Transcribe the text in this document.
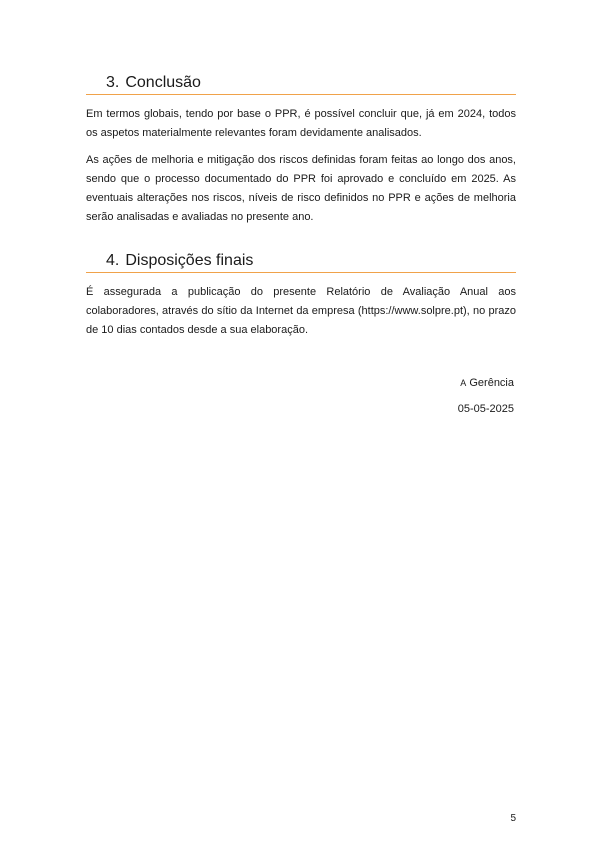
3. Conclusão

Em termos globais, tendo por base o PPR, é possível concluir que, já em 2024, todos os aspetos materialmente relevantes foram devidamente analisados.

As ações de melhoria e mitigação dos riscos definidas foram feitas ao longo dos anos, sendo que o processo documentado do PPR foi aprovado e concluído em 2025. As eventuais alterações nos riscos, níveis de risco definidos no PPR e ações de melhoria serão analisadas e avaliadas no presente ano.

4. Disposições finais

É assegurada a publicação do presente Relatório de Avaliação Anual aos colaboradores, através do sítio da Internet da empresa (https://www.solpre.pt), no prazo de 10 dias contados desde a sua elaboração.

A Gerência
05-05-2025
5
